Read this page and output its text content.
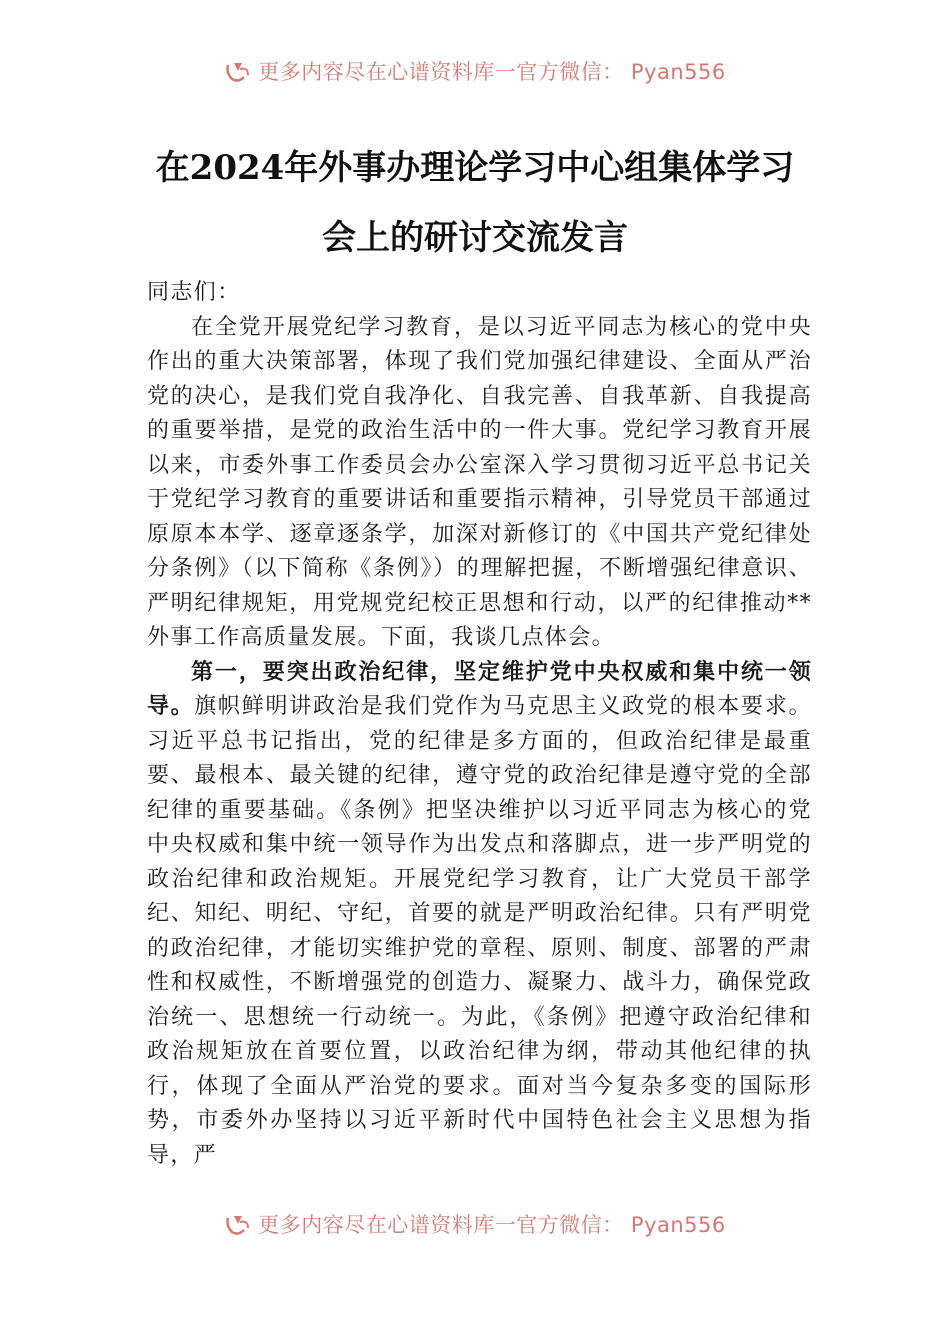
更多内容尽在心谱资料库一官方微信： Pyan556
在2024年外事办理论学习中心组集体学习
会上的研讨交流发言

同志们：

在全党开展党纪学习教育，是以习近平同志为核心的党中央作出的重大决策部署，体现了我们党加强纪律建设、全面从严治党的决心，是我们党自我净化、自我完善、自我革新、自我提高的重要举措，是党的政治生活中的一件大事。党纪学习教育开展以来，市委外事工作委员会办公室深入学习贯彻习近平总书记关于党纪学习教育的重要讲话和重要指示精神，引导党员干部通过原原本本学、逐章逐条学，加深对新修订的《中国共产党纪律处分条例》（以下简称《条例》）的理解把握，不断增强纪律意识、严明纪律规矩，用党规党纪校正思想和行动，以严的纪律推动**外事工作高质量发展。下面，我谈几点体会。

第一，要突出政治纪律，坚定维护党中央权威和集中统一领导。旗帜鲜明讲政治是我们党作为马克思主义政党的根本要求。习近平总书记指出，党的纪律是多方面的，但政治纪律是最重要、最根本、最关键的纪律，遵守党的政治纪律是遵守党的全部纪律的重要基础。《条例》把坚决维护以习近平同志为核心的党中央权威和集中统一领导作为出发点和落脚点，进一步严明党的政治纪律和政治规矩。开展党纪学习教育，让广大党员干部学纪、知纪、明纪、守纪，首要的就是严明政治纪律。只有严明党的政治纪律，才能切实维护党的章程、原则、制度、部署的严肃性和权威性，不断增强党的创造力、凝聚力、战斗力，确保党政治统一、思想统一行动统一。为此，《条例》把遵守政治纪律和政治规矩放在首要位置，以政治纪律为纲，带动其他纪律的执行，体现了全面从严治党的要求。面对当今复杂多变的国际形势，市委外办坚持以习近平新时代中国特色社会主义思想为指导，严

更多内容尽在心谱资料库一官方微信： Pyan556
